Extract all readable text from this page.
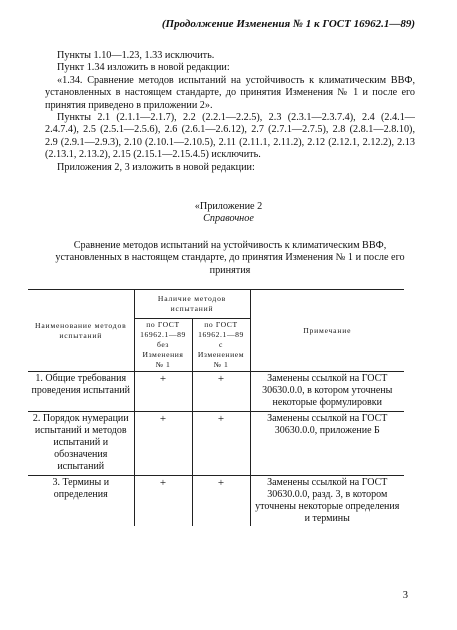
(Продолжение Изменения № 1 к ГОСТ 16962.1—89)

Пункты 1.10—1.23, 1.33 исключить.

Пункт 1.34 изложить в новой редакции:

«1.34. Сравнение методов испытаний на устойчивость к климатическим ВВФ, установленных в настоящем стандарте, до принятия Изменения № 1 и после его принятия приведено в приложении 2».

Пункты 2.1 (2.1.1—2.1.7), 2.2 (2.2.1—2.2.5), 2.3 (2.3.1—2.3.7.4), 2.4 (2.4.1—2.4.7.4), 2.5 (2.5.1—2.5.6), 2.6 (2.6.1—2.6.12), 2.7 (2.7.1—2.7.5), 2.8 (2.8.1—2.8.10), 2.9 (2.9.1—2.9.3), 2.10 (2.10.1—2.10.5), 2.11 (2.11.1, 2.11.2), 2.12 (2.12.1, 2.12.2), 2.13 (2.13.1, 2.13.2), 2.15 (2.15.1—2.15.4.5) исключить.

Приложения 2, 3 изложить в новой редакции:

«Приложение 2
Справочное
Сравнение методов испытаний на устойчивость к климатическим ВВФ, установленных в настоящем стандарте, до принятия Изменения № 1 и после его принятия
Наименование методов испытаний	Наличие методов испытаний		Примечание
	по ГОСТ 16962.1—89 без Изменения № 1	по ГОСТ 16962.1—89 с Изменением № 1	
1. Общие требования проведения испытаний	+	+	Заменены ссылкой на ГОСТ 30630.0.0, в котором уточнены некоторые формулировки
2. Порядок нумерации испытаний и методов испытаний и обозначения испытаний	+	+	Заменены ссылкой на ГОСТ 30630.0.0, приложение Б
3. Термины и определения	+	+	Заменены ссылкой на ГОСТ 30630.0.0, разд. 3, в котором уточнены некоторые определения и термины
3
